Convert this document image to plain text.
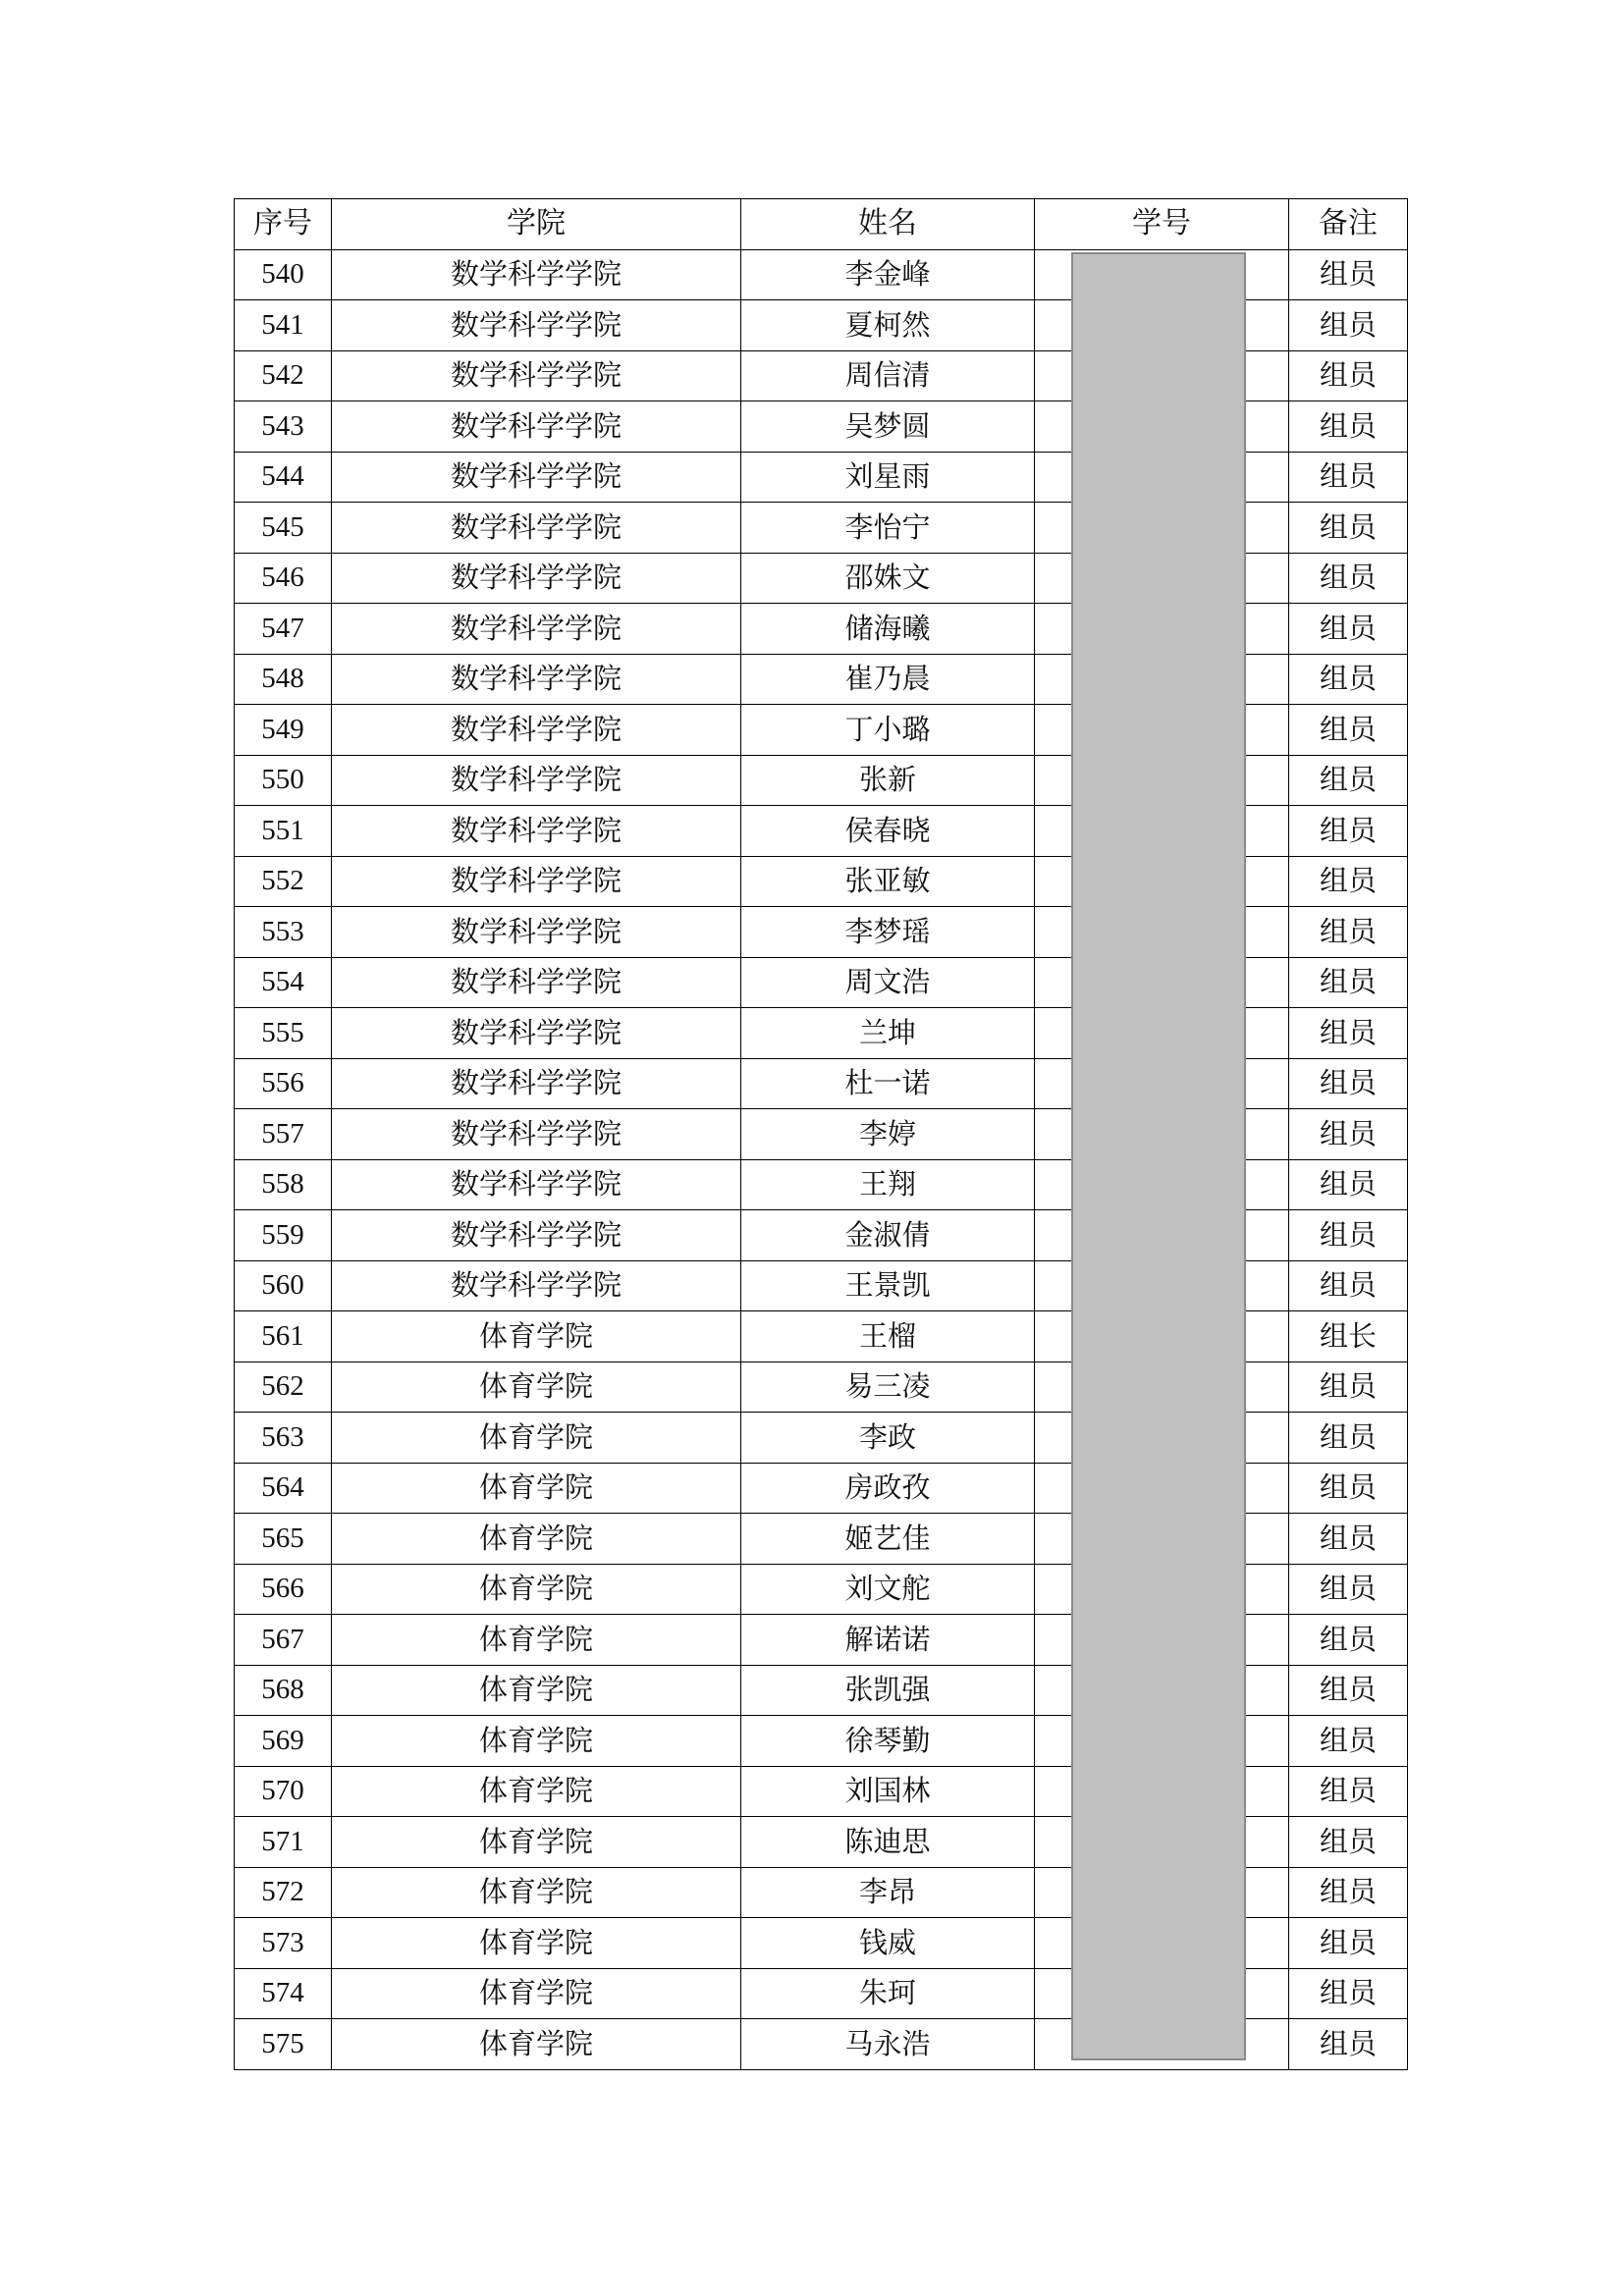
序号	学院	姓名	学号	备注
540	数学科学学院	李金峰		组员
541	数学科学学院	夏柯然		组员
542	数学科学学院	周信清		组员
543	数学科学学院	吴梦圆		组员
544	数学科学学院	刘星雨		组员
545	数学科学学院	李怡宁		组员
546	数学科学学院	邵姝文		组员
547	数学科学学院	储海曦		组员
548	数学科学学院	崔乃晨		组员
549	数学科学学院	丁小璐		组员
550	数学科学学院	张新		组员
551	数学科学学院	侯春晓		组员
552	数学科学学院	张亚敏		组员
553	数学科学学院	李梦瑶		组员
554	数学科学学院	周文浩		组员
555	数学科学学院	兰坤		组员
556	数学科学学院	杜一诺		组员
557	数学科学学院	李婷		组员
558	数学科学学院	王翔		组员
559	数学科学学院	金淑倩		组员
560	数学科学学院	王景凯		组员
561	体育学院	王榴		组长
562	体育学院	易三凌		组员
563	体育学院	李政		组员
564	体育学院	房政孜		组员
565	体育学院	姬艺佳		组员
566	体育学院	刘文舵		组员
567	体育学院	解诺诺		组员
568	体育学院	张凯强		组员
569	体育学院	徐琴勤		组员
570	体育学院	刘国林		组员
571	体育学院	陈迪思		组员
572	体育学院	李昂		组员
573	体育学院	钱威		组员
574	体育学院	朱珂		组员
575	体育学院	马永浩		组员
